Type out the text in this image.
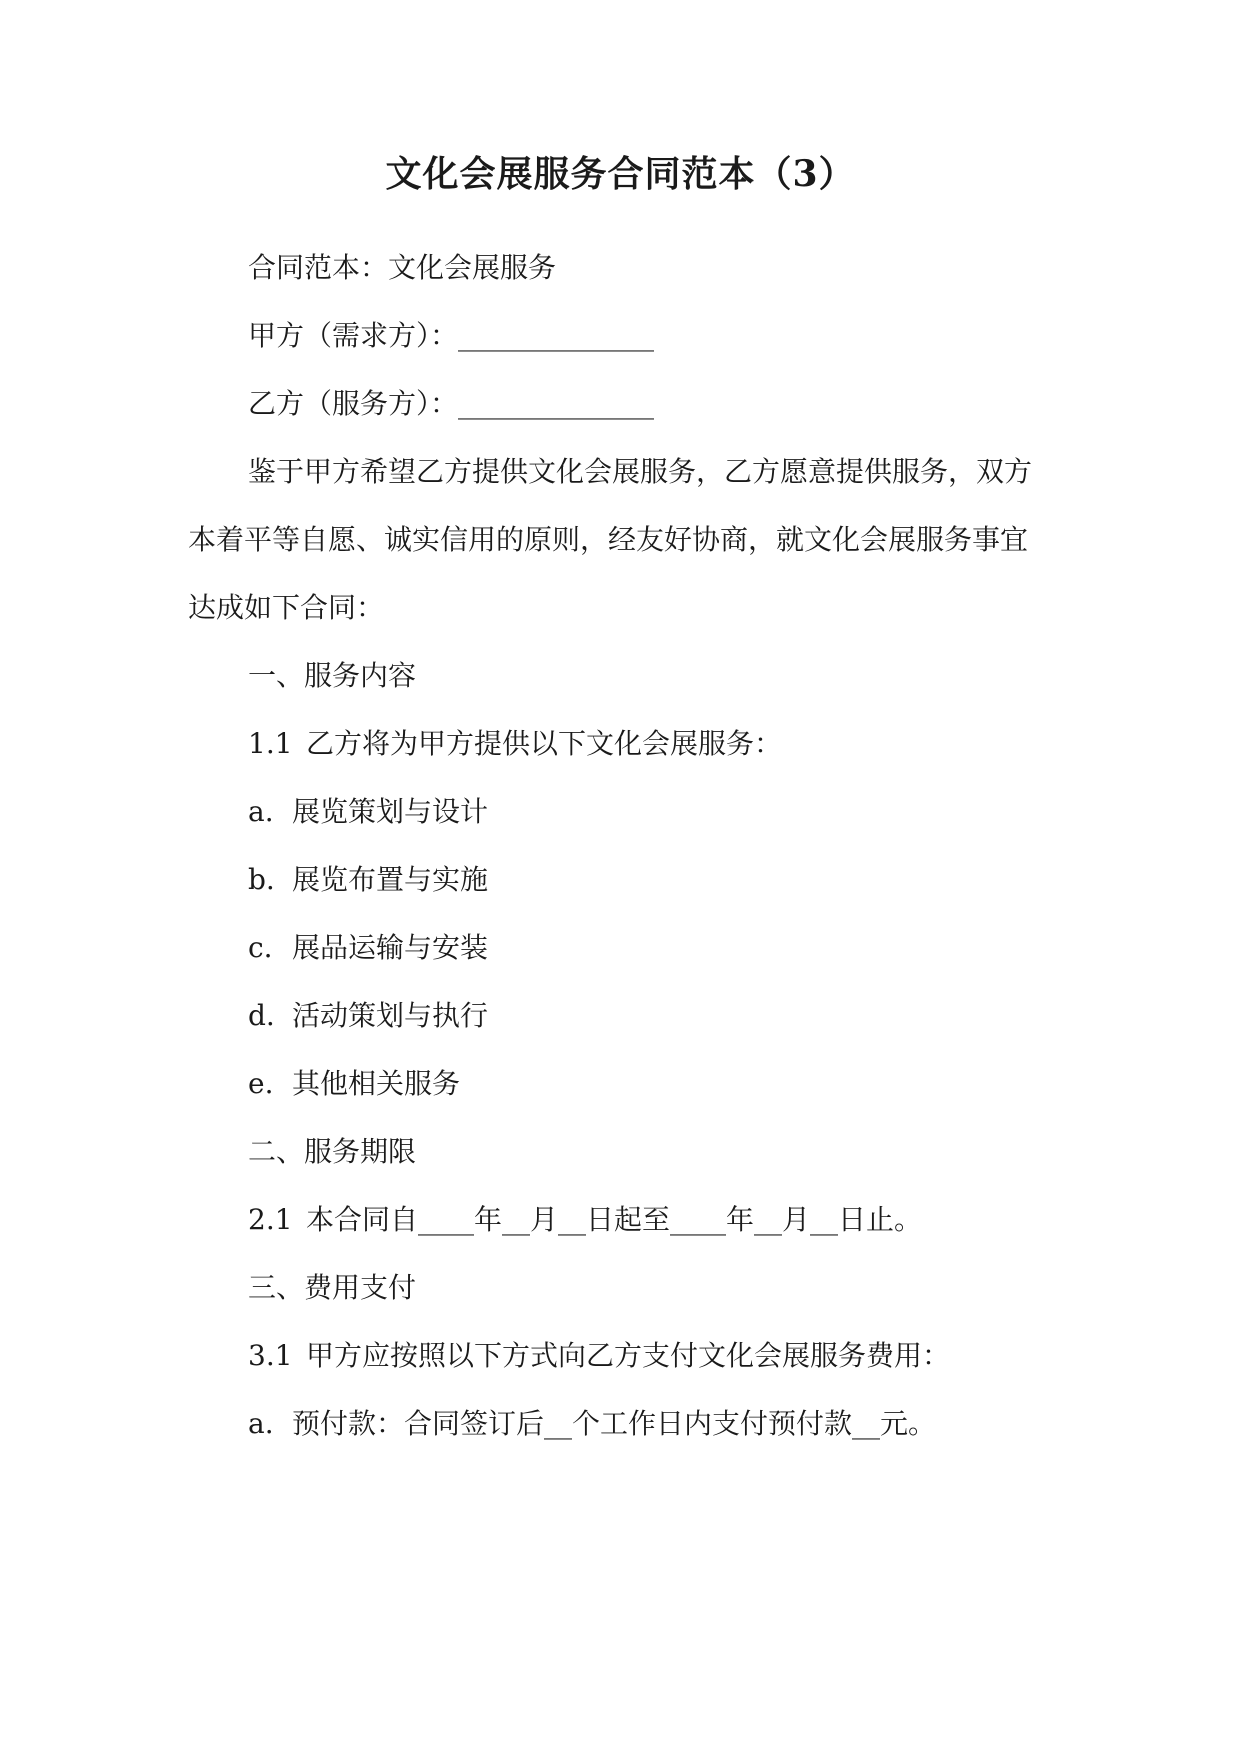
文化会展服务合同范本（3）

合同范本：文化会展服务

甲方（需求方）：______________

乙方（服务方）：______________

鉴于甲方希望乙方提供文化会展服务，乙方愿意提供服务，双方

本着平等自愿、诚实信用的原则，经友好协商，就文化会展服务事宜

达成如下合同：

一、服务内容

1.1 乙方将为甲方提供以下文化会展服务：

a. 展览策划与设计

b. 展览布置与实施

c. 展品运输与安装

d. 活动策划与执行

e. 其他相关服务

二、服务期限

2.1 本合同自____年__月__日起至____年__月__日止。

三、费用支付

3.1 甲方应按照以下方式向乙方支付文化会展服务费用：

a. 预付款：合同签订后__个工作日内支付预付款__元。
